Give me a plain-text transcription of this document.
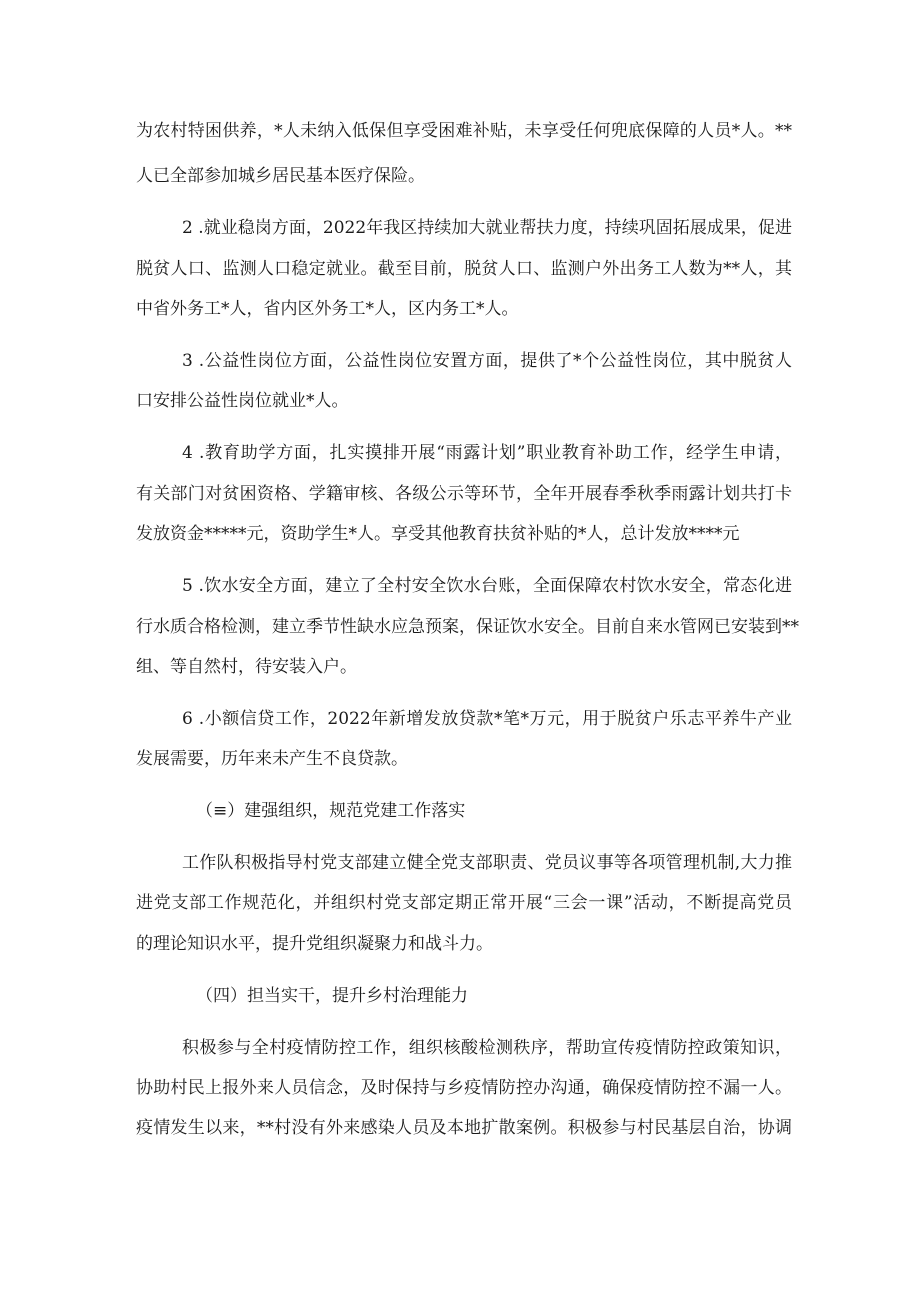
为农村特困供养，*人未纳入低保但享受困难补贴，未享受任何兜底保障的人员*人。**
人已全部参加城乡居民基本医疗保险。
2 .就业稳岗方面，2022年我区持续加大就业帮扶力度，持续巩固拓展成果，促进
脱贫人口、监测人口稳定就业。截至目前，脱贫人口、监测户外出务工人数为**人，其
中省外务工*人，省内区外务工*人，区内务工*人。
3 .公益性岗位方面，公益性岗位安置方面，提供了*个公益性岗位，其中脱贫人
口安排公益性岗位就业*人。
4 .教育助学方面，扎实摸排开展“雨露计划”职业教育补助工作，经学生申请，
有关部门对贫困资格、学籍审核、各级公示等环节，全年开展春季秋季雨露计划共打卡
发放资金*****元，资助学生*人。享受其他教育扶贫补贴的*人，总计发放****元
5 .饮水安全方面，建立了全村安全饮水台账，全面保障农村饮水安全，常态化进
行水质合格检测，建立季节性缺水应急预案，保证饮水安全。目前自来水管网已安装到**
组、等自然村，待安装入户。
6 .小额信贷工作，2022年新增发放贷款*笔*万元，用于脱贫户乐志平养牛产业
发展需要，历年来未产生不良贷款。
（≡）建强组织，规范党建工作落实
工作队积极指导村党支部建立健全党支部职责、党员议事等各项管理机制,大力推
进党支部工作规范化，并组织村党支部定期正常开展“三会一课”活动，不断提高党员
的理论知识水平，提升党组织凝聚力和战斗力。
（四）担当实干，提升乡村治理能力
积极参与全村疫情防控工作，组织核酸检测秩序，帮助宣传疫情防控政策知识，
协助村民上报外来人员信念，及时保持与乡疫情防控办沟通，确保疫情防控不漏一人。
疫情发生以来，**村没有外来感染人员及本地扩散案例。积极参与村民基层自治，协调
